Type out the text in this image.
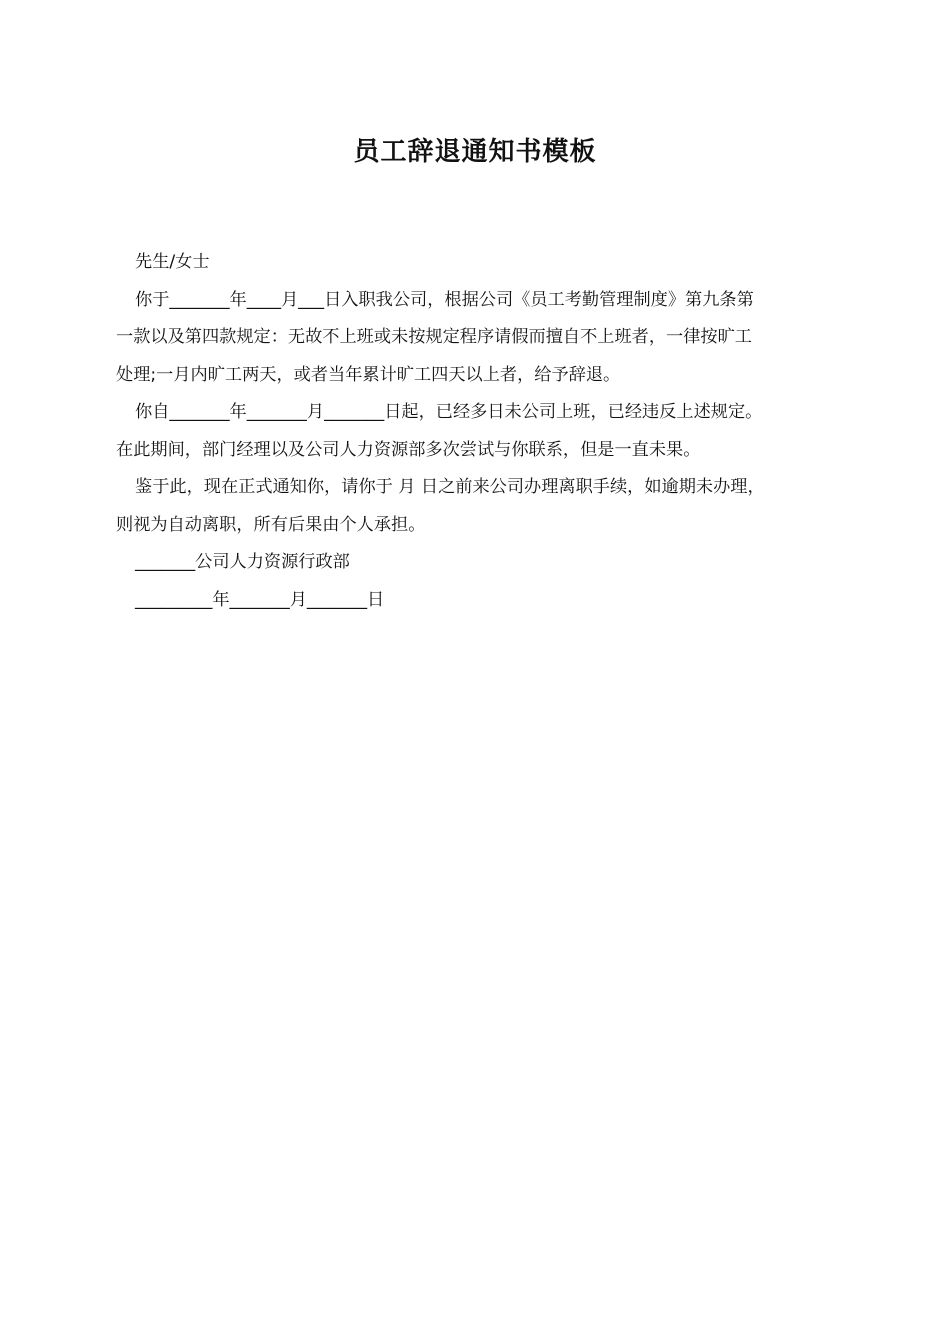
员工辞退通知书模板
先生/女士
你于_______年____月___日入职我公司，根据公司《员工考勤管理制度》第九条第
一款以及第四款规定：无故不上班或未按规定程序请假而擅自不上班者，一律按旷工
处理;一月内旷工两天，或者当年累计旷工四天以上者，给予辞退。
你自_______年_______月_______日起，已经多日未公司上班，已经违反上述规定。
在此期间，部门经理以及公司人力资源部多次尝试与你联系，但是一直未果。
鉴于此，现在正式通知你，请你于 月 日之前来公司办理离职手续，如逾期未办理，
则视为自动离职，所有后果由个人承担。
_______公司人力资源行政部
_________年_______月_______日
